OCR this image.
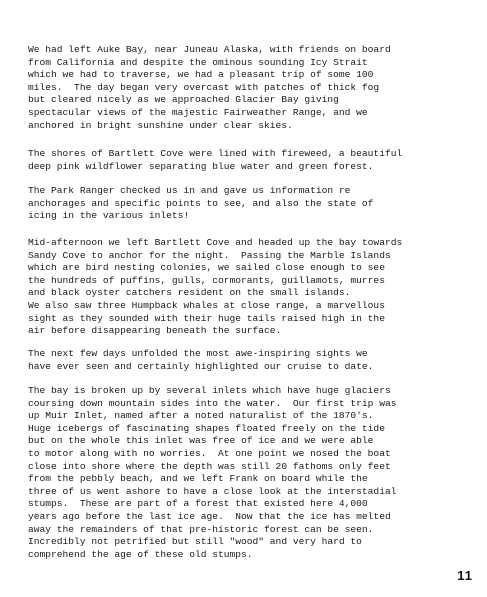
We had left Auke Bay, near Juneau Alaska, with friends on board
from California and despite the ominous sounding Icy Strait
which we had to traverse, we had a pleasant trip of some 100
miles.  The day began very overcast with patches of thick fog
but cleared nicely as we approached Glacier Bay giving
spectacular views of the majestic Fairweather Range, and we
anchored in bright sunshine under clear skies.
The shores of Bartlett Cove were lined with fireweed, a beautiful
deep pink wildflower separating blue water and green forest.
The Park Ranger checked us in and gave us information re
anchorages and specific points to see, and also the state of
icing in the various inlets!
Mid-afternoon we left Bartlett Cove and headed up the bay towards
Sandy Cove to anchor for the night.  Passing the Marble Islands
which are bird nesting colonies, we sailed close enough to see
the hundreds of puffins, gulls, cormorants, guillamots, murres
and black oyster catchers resident on the small islands.
We also saw three Humpback whales at close range, a marvellous
sight as they sounded with their huge tails raised high in the
air before disappearing beneath the surface.
The next few days unfolded the most awe-inspiring sights we
have ever seen and certainly highlighted our cruise to date.
The bay is broken up by several inlets which have huge glaciers
coursing down mountain sides into the water.  Our first trip was
up Muir Inlet, named after a noted naturalist of the 1870's.
Huge icebergs of fascinating shapes floated freely on the tide
but on the whole this inlet was free of ice and we were able
to motor along with no worries.  At one point we nosed the boat
close into shore where the depth was still 20 fathoms only feet
from the pebbly beach, and we left Frank on board while the
three of us went ashore to have a close look at the interstadial
stumps.  These are part of a forest that existed here 4,000
years ago before the last ice age.  Now that the ice has melted
away the remainders of that pre-historic forest can be seen.
Incredibly not petrified but still "wood" and very hard to
comprehend the age of these old stumps.
11
